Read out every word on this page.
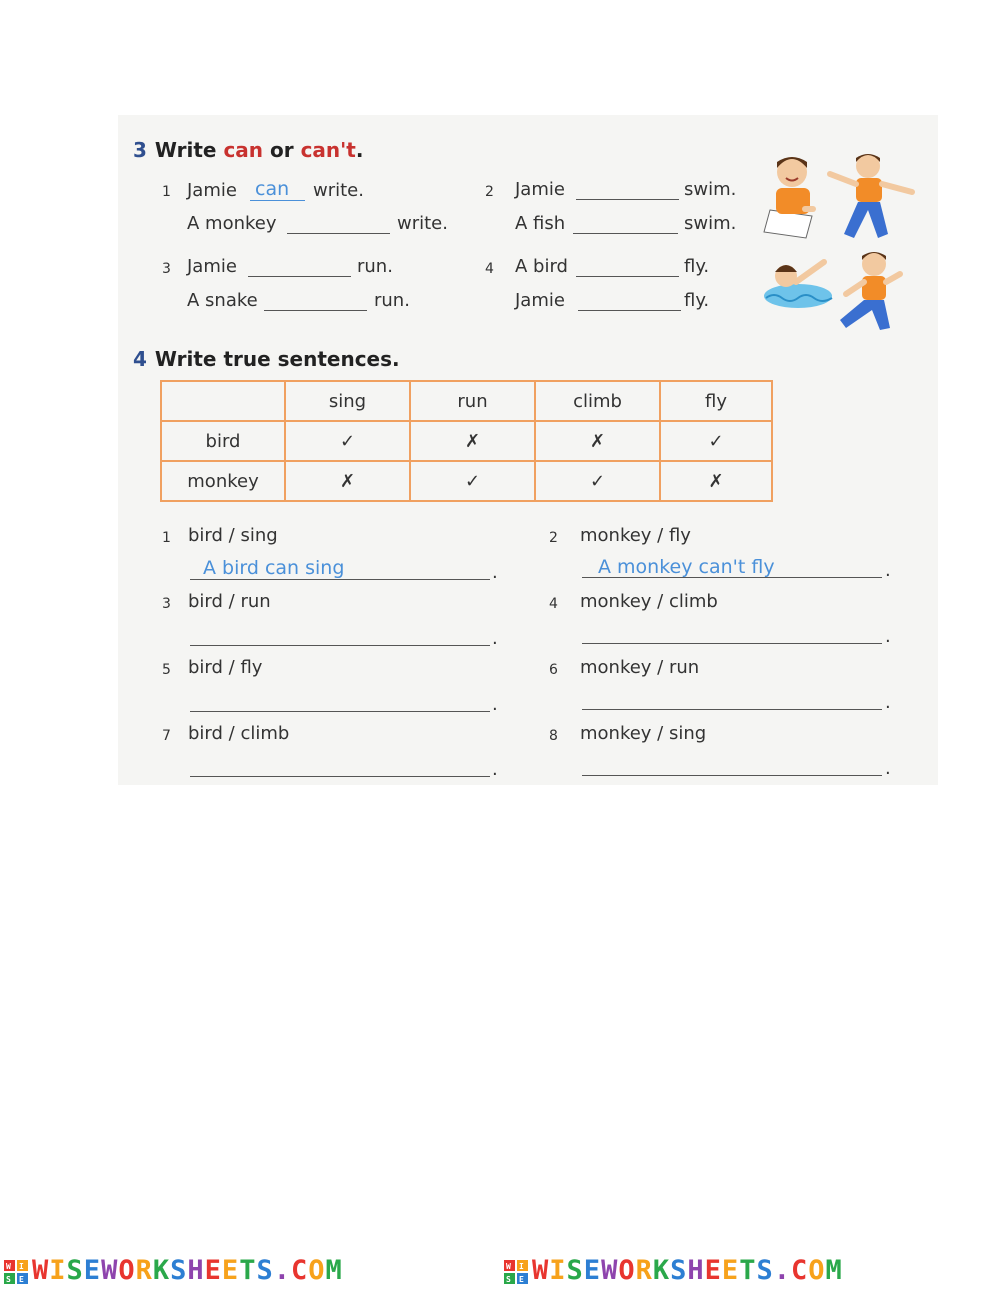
3 Write can or can't.
1 Jamie can write.
A monkey	write.
2 Jamie	swim.
A fish	swim.
3 Jamie	run.
A snake	run.
4 A bird	fly.
Jamie	fly.
4 Write true sentences.
	sing	run	climb	fly
bird	✓	✗	✗	✓
monkey	✗	✓	✓	✗
1 bird / sing
A bird can sing	.
2 monkey / fly
A monkey can't fly	.
3 bird / run
.
4 monkey / climb
.
5 bird / fly
.
6 monkey / run
.
7 bird / climb
.
8 monkey / sing
.
W I
S E WISEWORKSHEETS.COM	W I
S E WISEWORKSHEETS.COM
